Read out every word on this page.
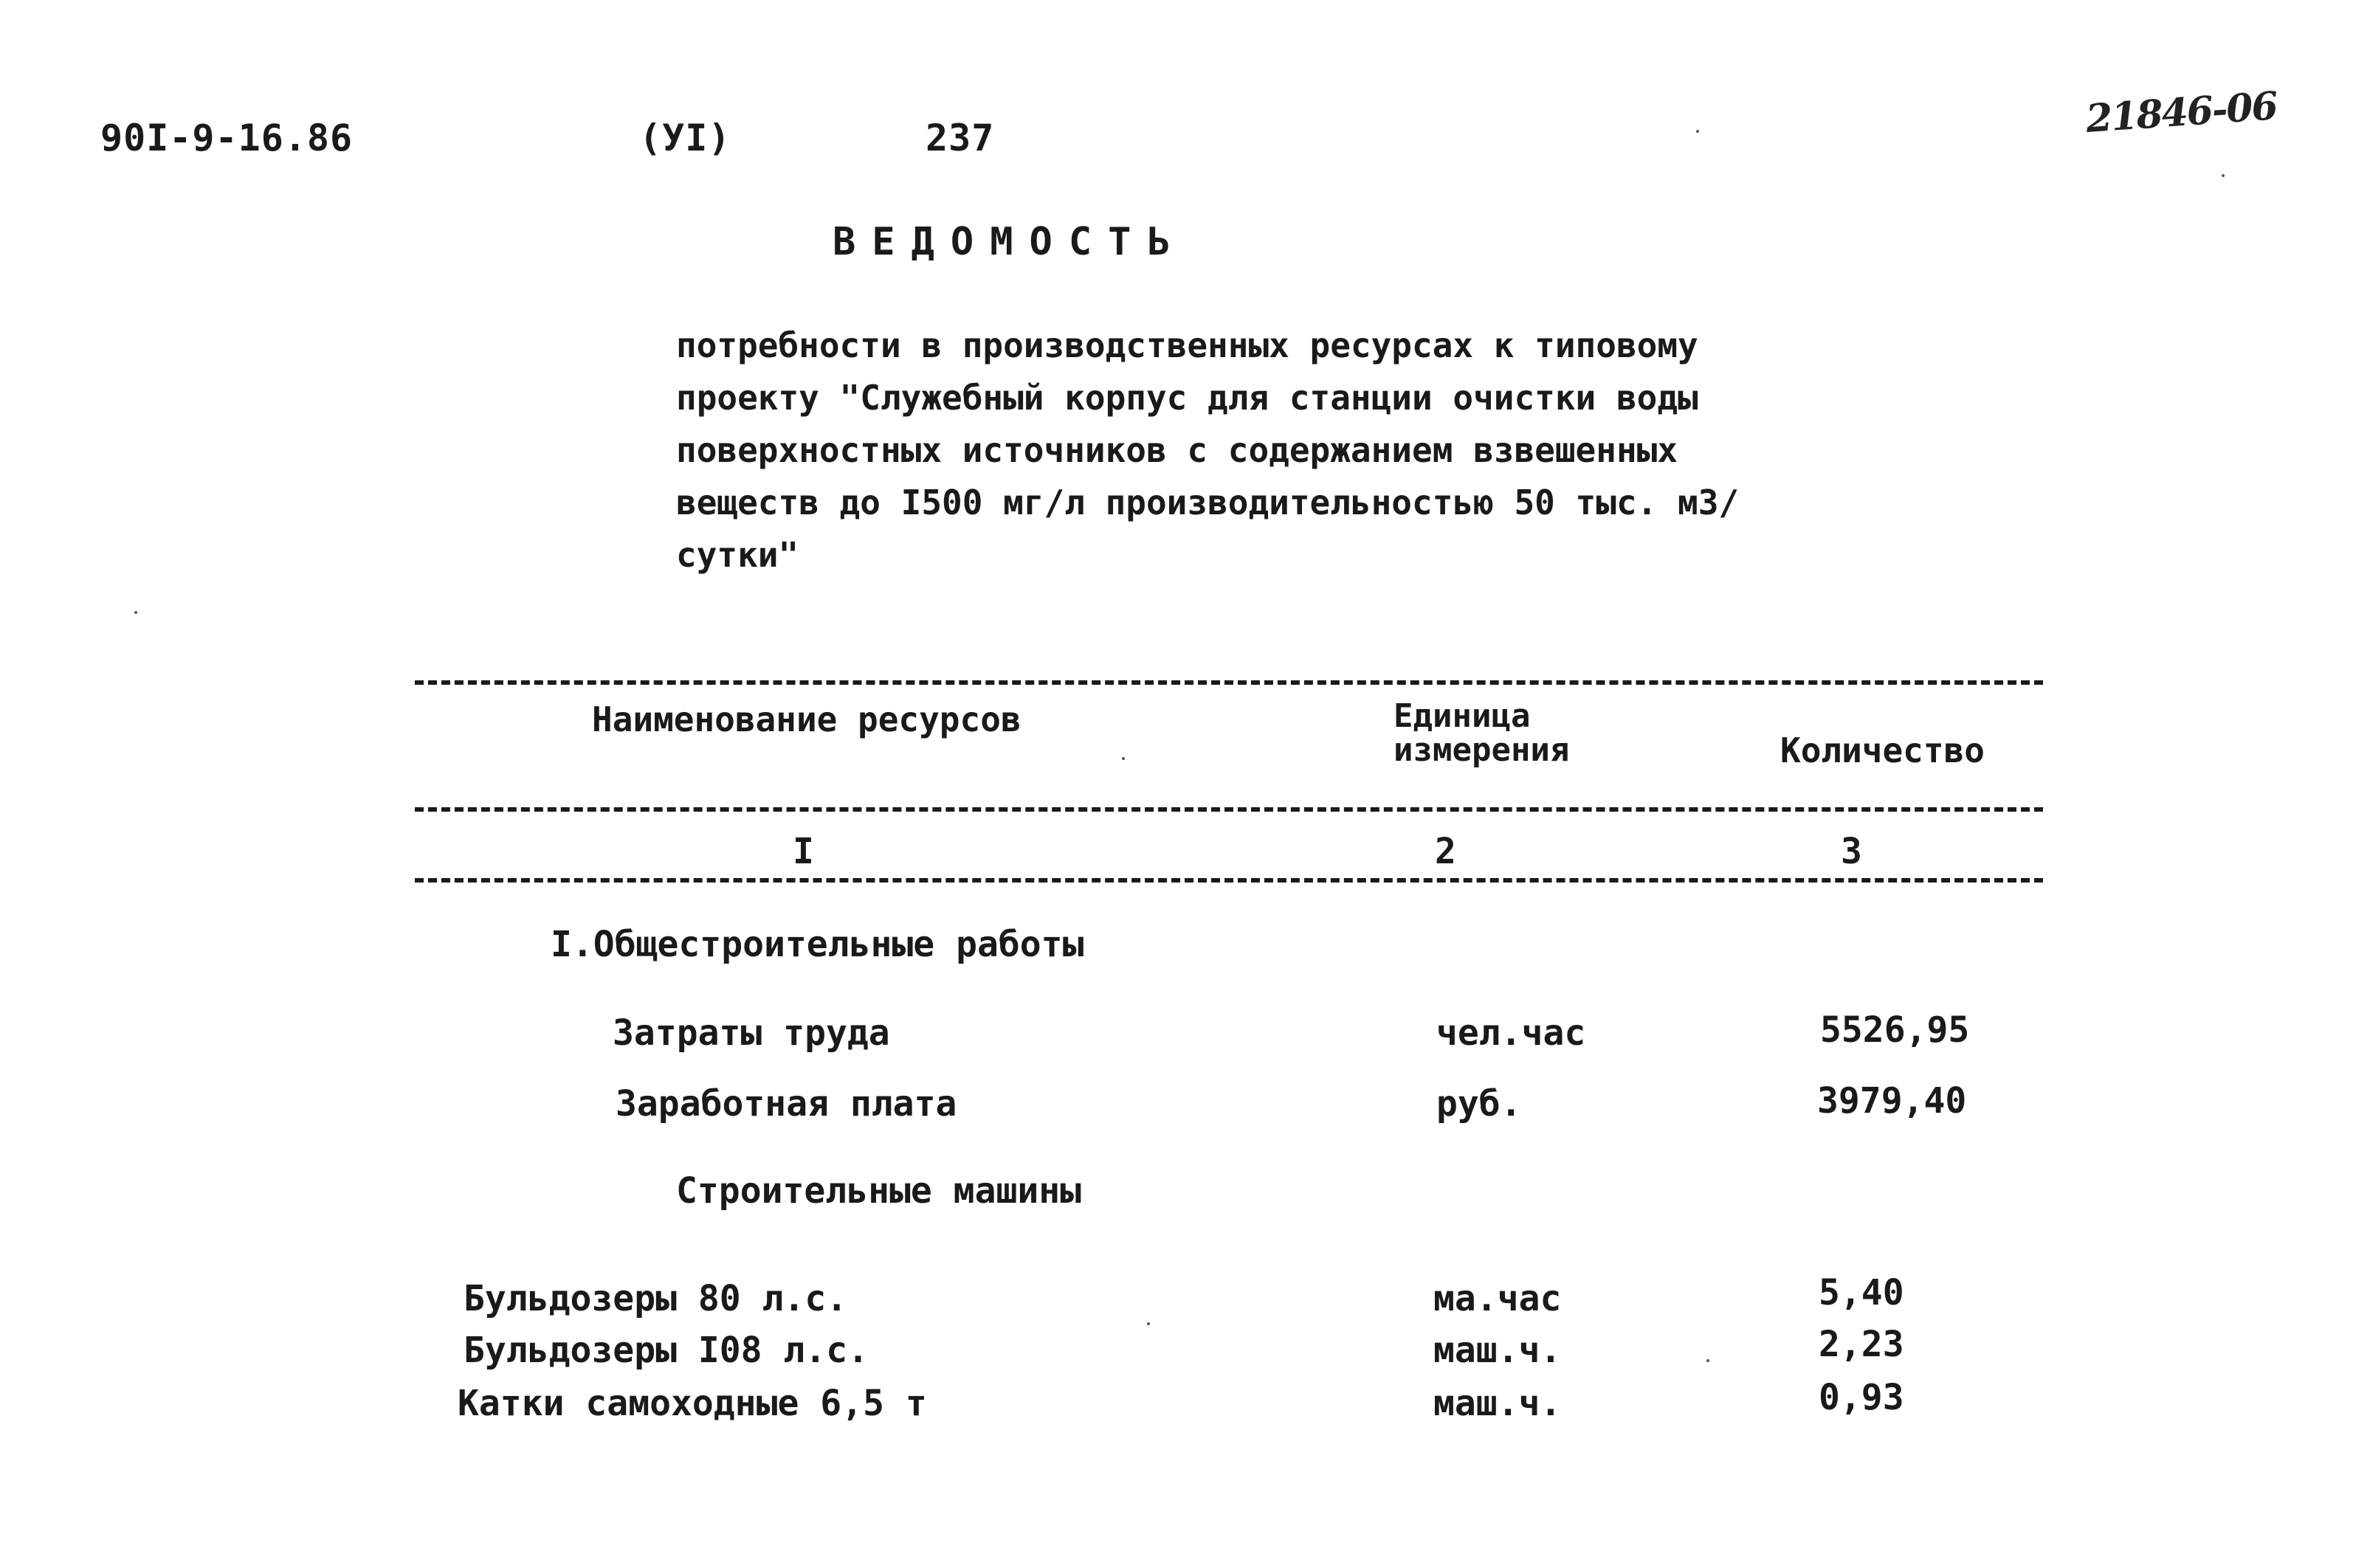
90I-9-16.86	(УI)	237	21846-06
ВЕДОМОСТЬ
потребности в производственных ресурсах к типовому проекту "Служебный корпус для станции очистки воды поверхностных источников с содержанием взвешенных веществ до I500 мг/л производительностью 50 тыс. м3/сутки"
Наименование ресурсов	Единица измерения	Количество
I	2	3
I.Общестроительные работы
Затраты труда	чел.час	5526,95
Заработная плата	руб.	3979,40
Строительные машины
Бульдозеры 80 л.с.	ма.час	5,40
Бульдозеры I08 л.с.	маш.ч.	2,23
Катки самоходные 6,5 т	маш.ч.	0,93
